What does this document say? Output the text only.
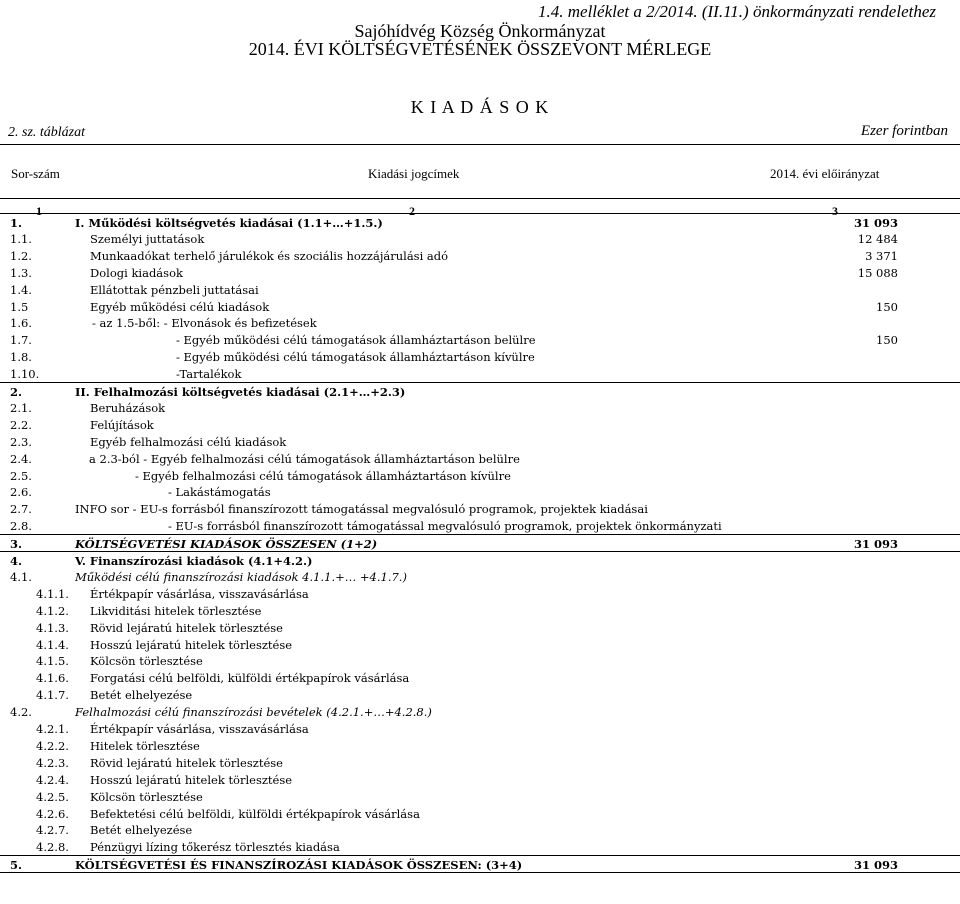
1.4. melléklet a 2/2014. (II.11.) önkormányzati rendelethez
Sajóhídvég Község Önkormányzat
2014. ÉVI KÖLTSÉGVETÉSÉNEK ÖSSZEVONT MÉRLEGE
K I A D Á S O K
2. sz. táblázat	Ezer forintban
Sor-szám	Kiadási jogcímek	2014. évi előirányzat
1	2	3
1.	I. Működési költségvetés kiadásai (1.1+…+1.5.)	31 093
1.1.	Személyi juttatások	12 484
1.2.	Munkaadókat terhelő járulékok és szociális hozzájárulási adó	3 371
1.3.	Dologi kiadások	15 088
1.4.	Ellátottak pénzbeli juttatásai
1.5	Egyéb működési célú kiadások	150
1.6.	- az 1.5-ből: - Elvonások és befizetések
1.7.	- Egyéb működési célú támogatások államháztartáson belülre	150
1.8.	- Egyéb működési célú támogatások államháztartáson kívülre
1.10.	-Tartalékok
2.	II. Felhalmozási költségvetés kiadásai (2.1+…+2.3)
2.1.	Beruházások
2.2.	Felújítások
2.3.	Egyéb felhalmozási célú kiadások
2.4.	a 2.3-ból - Egyéb felhalmozási célú támogatások államháztartáson belülre
2.5.	- Egyéb felhalmozási célú támogatások államháztartáson kívülre
2.6.	- Lakástámogatás
2.7.	INFO sor - EU-s forrásból finanszírozott támogatással megvalósuló programok, projektek kiadásai
2.8.	- EU-s forrásból finanszírozott támogatással megvalósuló programok, projektek önkormányzati
3.	KÖLTSÉGVETÉSI KIADÁSOK ÖSSZESEN (1+2)	31 093
4.	V. Finanszírozási kiadások (4.1+4.2.)
4.1.	Működési célú finanszírozási kiadások 4.1.1.+… +4.1.7.)
4.1.1. Értékpapír vásárlása, visszavásárlása
4.1.2. Likviditási hitelek törlesztése
4.1.3. Rövid lejáratú hitelek törlesztése
4.1.4. Hosszú lejáratú hitelek törlesztése
4.1.5. Kölcsön törlesztése
4.1.6. Forgatási célú belföldi, külföldi értékpapírok vásárlása
4.1.7. Betét elhelyezése
4.2.	Felhalmozási célú finanszírozási bevételek (4.2.1.+…+4.2.8.)
4.2.1. Értékpapír vásárlása, visszavásárlása
4.2.2. Hitelek törlesztése
4.2.3. Rövid lejáratú hitelek törlesztése
4.2.4. Hosszú lejáratú hitelek törlesztése
4.2.5. Kölcsön törlesztése
4.2.6. Befektetési célú belföldi, külföldi értékpapírok vásárlása
4.2.7. Betét elhelyezése
4.2.8. Pénzügyi lízing tőkerész törlesztés kiadása
5.	KÖLTSÉGVETÉSI ÉS FINANSZÍROZÁSI KIADÁSOK ÖSSZESEN: (3+4)	31 093
